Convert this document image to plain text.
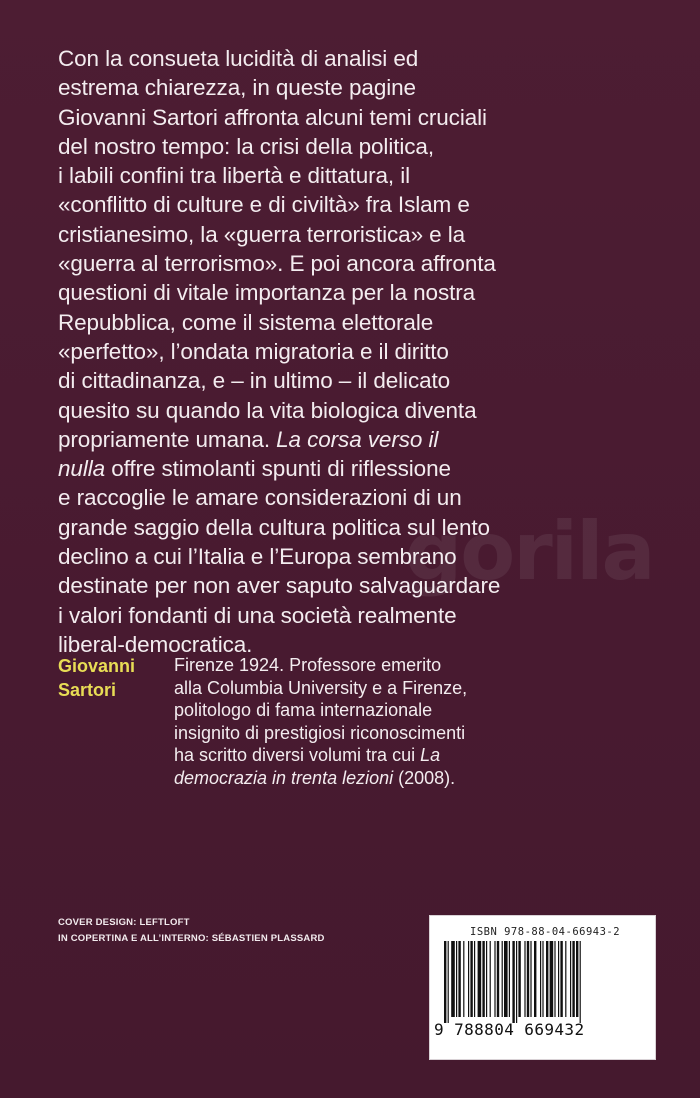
Con la consueta lucidità di analisi ed
estrema chiarezza, in queste pagine
Giovanni Sartori affronta alcuni temi cruciali
del nostro tempo: la crisi della politica,
i labili confini tra libertà e dittatura, il
«conflitto di culture e di civiltà» fra Islam e
cristianesimo, la «guerra terroristica» e la
«guerra al terrorismo». E poi ancora affronta
questioni di vitale importanza per la nostra
Repubblica, come il sistema elettorale
«perfetto», l’ondata migratoria e il diritto
di cittadinanza, e – in ultimo – il delicato
quesito su quando la vita biologica diventa
propriamente umana. La corsa verso il
nulla offre stimolanti spunti di riflessione
e raccoglie le amare considerazioni di un
grande saggio della cultura politica sul lento
declino a cui l’Italia e l’Europa sembrano
destinate per non aver saputo salvaguardare
i valori fondanti di una società realmente
liberal-democratica.

gorila
Giovanni
Sartori
Firenze 1924. Professore emerito
alla Columbia University e a Firenze,
politologo di fama internazionale
insignito di prestigiosi riconoscimenti
ha scritto diversi volumi tra cui La
democrazia in trenta lezioni (2008).
COVER DESIGN: LEFTLOFT
IN COPERTINA E ALL’INTERNO: SÉBASTIEN PLASSARD
ISBN 978-88-04-66943-2
9 788804 669432
